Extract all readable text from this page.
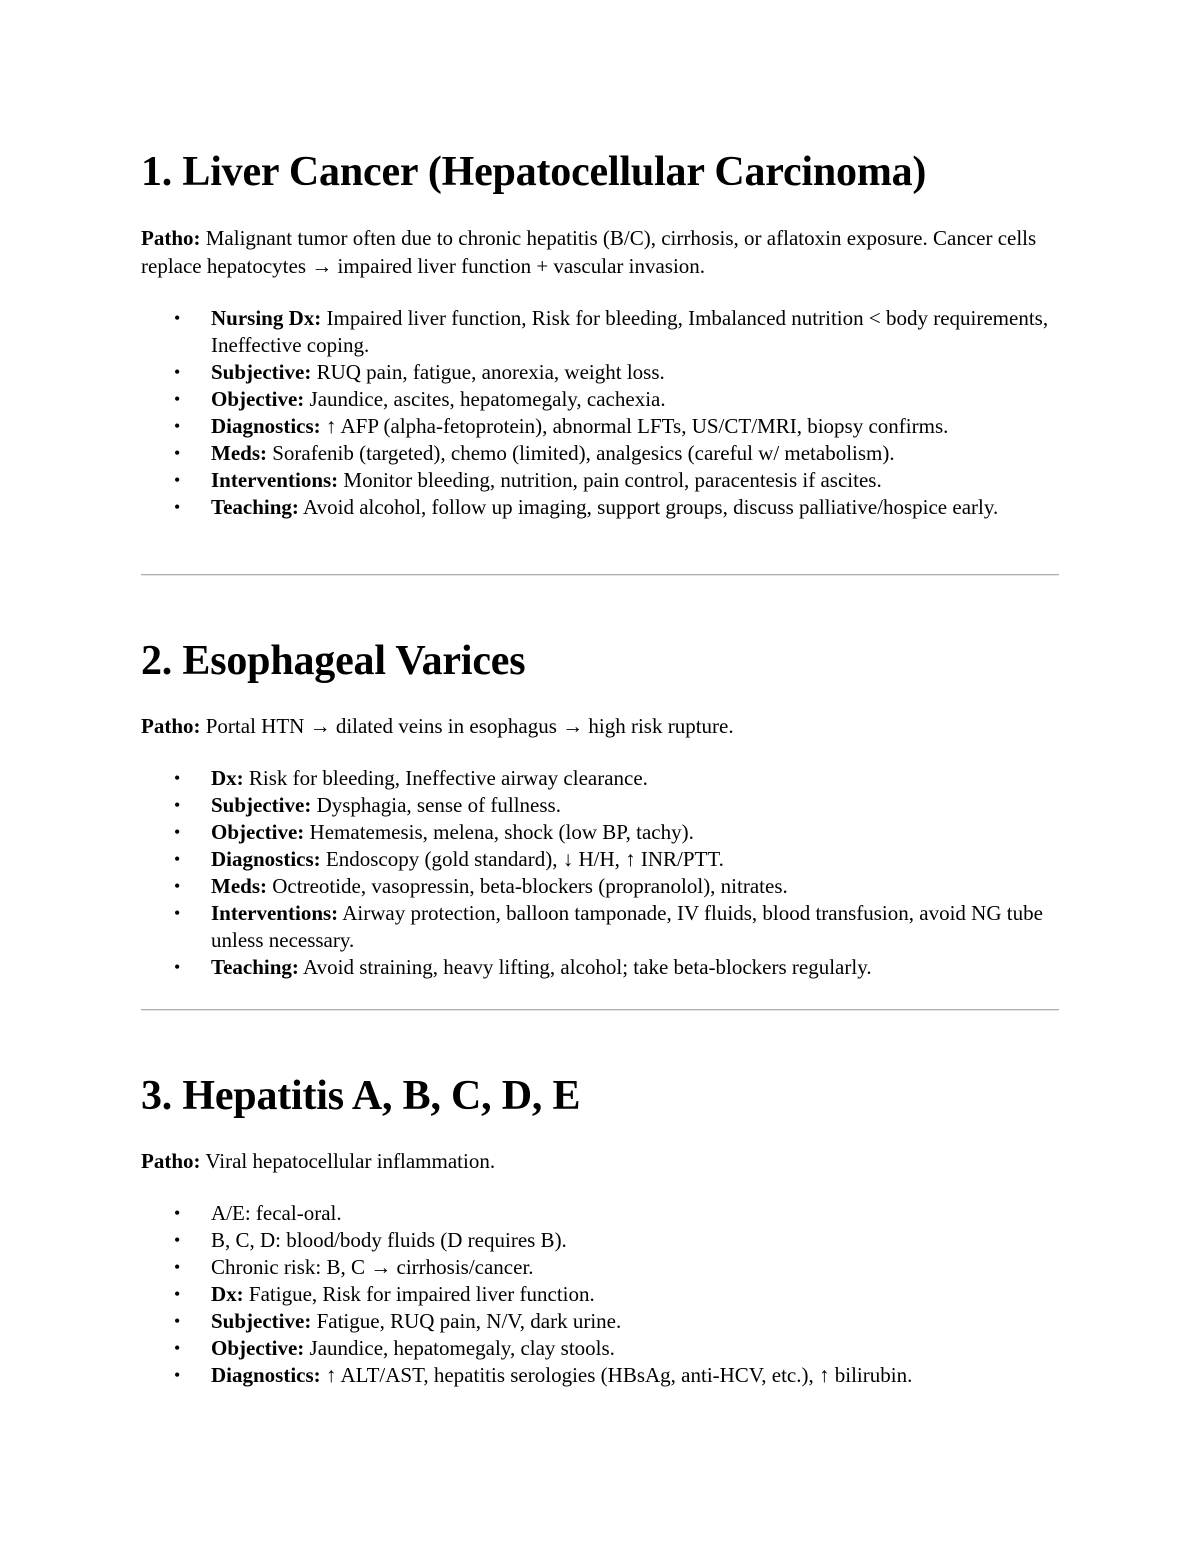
1. Liver Cancer (Hepatocellular Carcinoma)

Patho: Malignant tumor often due to chronic hepatitis (B/C), cirrhosis, or aflatoxin exposure. Cancer cells replace hepatocytes → impaired liver function + vascular invasion.

• Nursing Dx: Impaired liver function, Risk for bleeding, Imbalanced nutrition < body requirements, Ineffective coping.
• Subjective: RUQ pain, fatigue, anorexia, weight loss.
• Objective: Jaundice, ascites, hepatomegaly, cachexia.
• Diagnostics: ↑ AFP (alpha-fetoprotein), abnormal LFTs, US/CT/MRI, biopsy confirms.
• Meds: Sorafenib (targeted), chemo (limited), analgesics (careful w/ metabolism).
• Interventions: Monitor bleeding, nutrition, pain control, paracentesis if ascites.
• Teaching: Avoid alcohol, follow up imaging, support groups, discuss palliative/hospice early.
2. Esophageal Varices

Patho: Portal HTN → dilated veins in esophagus → high risk rupture.

• Dx: Risk for bleeding, Ineffective airway clearance.
• Subjective: Dysphagia, sense of fullness.
• Objective: Hematemesis, melena, shock (low BP, tachy).
• Diagnostics: Endoscopy (gold standard), ↓ H/H, ↑ INR/PTT.
• Meds: Octreotide, vasopressin, beta-blockers (propranolol), nitrates.
• Interventions: Airway protection, balloon tamponade, IV fluids, blood transfusion, avoid NG tube unless necessary.
• Teaching: Avoid straining, heavy lifting, alcohol; take beta-blockers regularly.
3. Hepatitis A, B, C, D, E

Patho: Viral hepatocellular inflammation.

• A/E: fecal-oral.
• B, C, D: blood/body fluids (D requires B).
• Chronic risk: B, C → cirrhosis/cancer.
• Dx: Fatigue, Risk for impaired liver function.
• Subjective: Fatigue, RUQ pain, N/V, dark urine.
• Objective: Jaundice, hepatomegaly, clay stools.
• Diagnostics: ↑ ALT/AST, hepatitis serologies (HBsAg, anti-HCV, etc.), ↑ bilirubin.
